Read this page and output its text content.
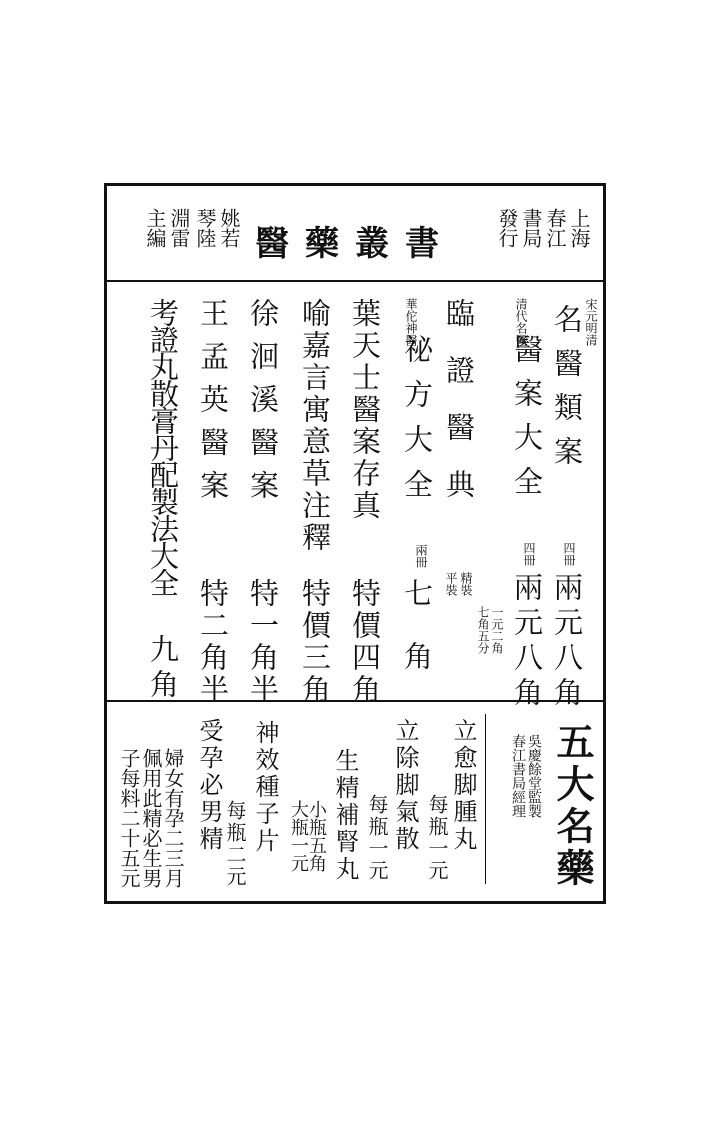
上海
春江
書局
發行
醫藥叢書
姚若
琴陸
淵雷
主編
宋元明清
名醫類案
四冊
兩元八角
清代名醫
醫案大全
四冊
兩元八角
臨證醫典
平裝 精裝
七角五分 一元二角
華佗神醫
祕方大全
兩冊
七角
葉天士醫案存真
特價四角
喻嘉言寓意草注釋
特價三角
徐洄溪醫案
特一角半
王孟英醫案
特二角半
考證丸散膏丹配製法大全
九角
五大名藥
吳慶餘堂監製
春江書局經理
立愈脚腫丸
每瓶一元
立除脚氣散
每瓶一元
生精補腎丸
小瓶五角
大瓶一元
神效種子片
每瓶二元
受孕必男精
婦女有孕二三月
佩用此精必生男
子每料二十五元
